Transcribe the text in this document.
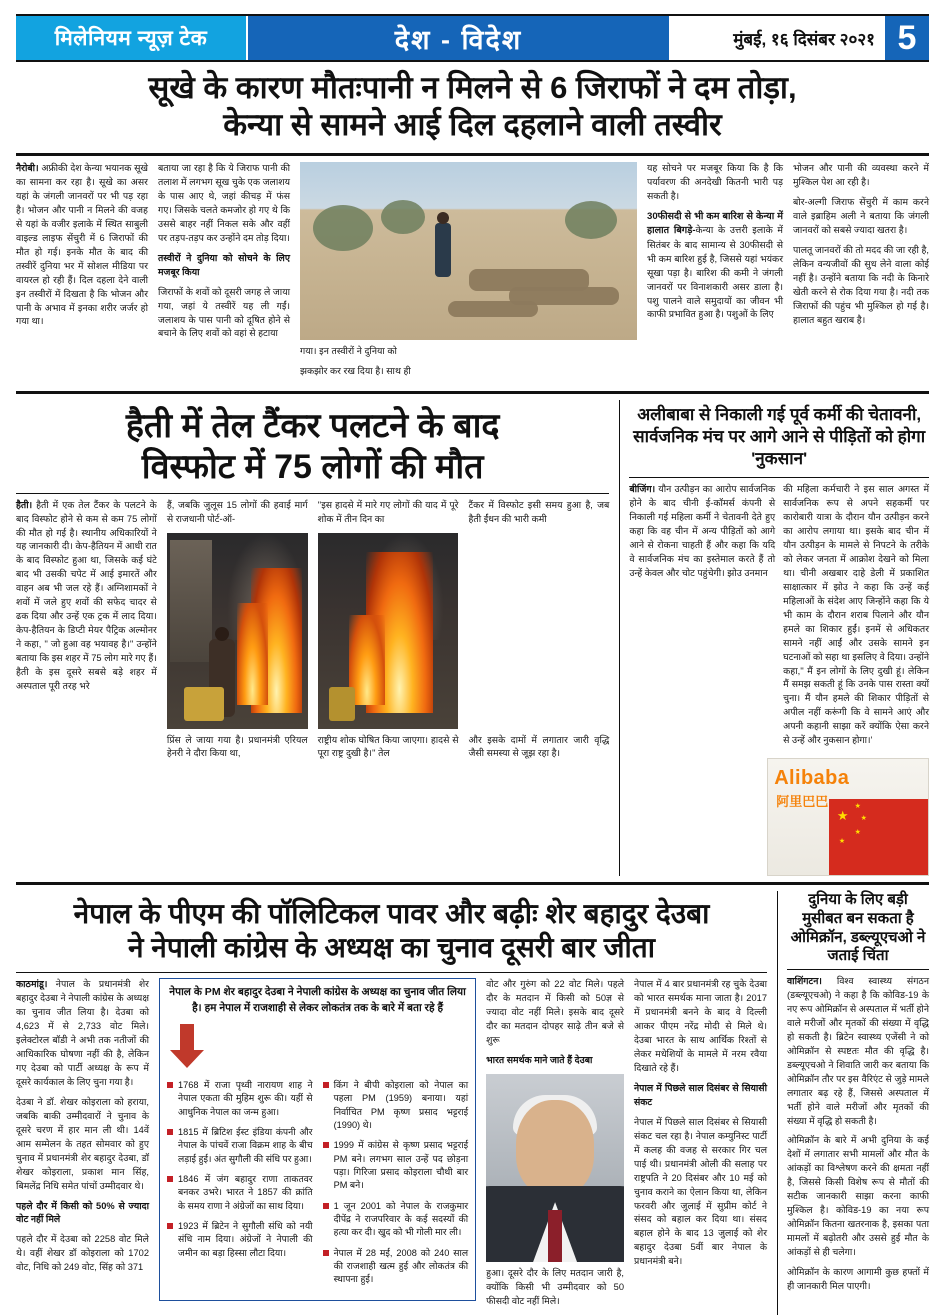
मिलेनियम न्यूज़ टेक	देश - विदेश	मुंबई, १६ दिसंबर २०२१ 5
सूखे के कारण मौतःपानी न मिलने से 6 जिराफों ने दम तोड़ा,
केन्या से सामने आई दिल दहलाने वाली तस्वीर

नैरोबी। अफ्रीकी देश केन्या भयानक सूखे का सामना कर रहा है। सूखे का असर यहां के जंगली जानवरों पर भी पड़ रहा है। भोजन और पानी न मिलने की वजह से यहां के वजीर इलाके में स्थित साबुली वाइल्ड लाइफ सेंचुरी में 6 जिराफों की मौत हो गई। इनके मौत के बाद की तस्वीरें दुनिया भर में सोशल मीडिया पर वायरल हो रही हैं। दिल दहला देने वाली इन तस्वीरों में दिखता है कि भोजन और पानी के अभाव में इनका शरीर जर्जर हो गया था।

बताया जा रहा है कि ये जिराफ पानी की तलाश में लगभग सूख चुके एक जलाशय के पास आए थे, जहां कीचड़ में फंस गए। जिसके चलते कमजोर हो गए थे कि उससे बाहर नहीं निकल सके और वहीं पर तड़प-तड़प कर उन्होंने दम तोड़ दिया।

तस्वीरों ने दुनिया को सोचने के लिए मजबूर किया

जिराफों के शवों को दूसरी जगह ले जाया गया, जहां ये तस्वीरें यह ली गईं। जलाशय के पास पानी को दूषित होने से बचाने के लिए शवों को वहां से हटाया

गया। इन तस्वीरों ने दुनिया को

झकझोर कर रख दिया है। साथ ही

यह सोचने पर मजबूर किया कि है कि पर्यावरण की अनदेखी कितनी भारी पड़ सकती है।

30फीसदी से भी कम बारिश से केन्या में हालात बिगड़े-केन्या के उत्तरी इलाके में सितंबर के बाद सामान्य से 30फीसदी से भी कम बारिश हुई है, जिससे यहां भयंकर सूखा पड़ा है। बारिश की कमी ने जंगली जानवरों पर विनाशकारी असर डाला है। पशु पालने वाले समुदायों का जीवन भी काफी प्रभावित हुआ है। पशुओं के लिए

भोजन और पानी की व्यवस्था करने में मुश्किल पेश आ रही है।

बोर-अल्गी जिराफ सेंचुरी में काम करने वाले इब्राहिम अली ने बताया कि जंगली जानवरों को सबसे ज्यादा खतरा है।

पालतू जानवरों की तो मदद की जा रही है, लेकिन वन्यजीवों की सुध लेने वाला कोई नहीं है। उन्होंने बताया कि नदी के किनारे खेती करने से रोक दिया गया है। नदी तक जिराफों की पहुंच भी मुश्किल हो गई है। हालात बहुत खराब है।

हैती में तेल टैंकर पलटने के बाद
विस्फोट में 75 लोगों की मौत

हैती। हैती में एक तेल टैंकर के पलटने के बाद विस्फोट होने से कम से कम 75 लोगों की मौत हो गई है। स्थानीय अधिकारियों ने यह जानकारी दी। केप-हैतियन में आधी रात के बाद विस्फोट हुआ था, जिसके कई घंटे बाद भी उसकी चपेट में आई इमारतें और वाहन अब भी जल रहे हैं। अग्निशामकों ने शवों में जले हुए शवों की सफेद चादर से ढक दिया और उन्हें एक ट्रक में लाद दिया। केप-हैतियन के डिप्टी मेयर पैट्रिक अल्मोनर ने कहा, '' जो हुआ वह भयावह है।'' उन्होंने बताया कि इस शहर में 75 लोग मारे गए हैं। हैती के इस दूसरे सबसे बड़े शहर में अस्पताल पूरी तरह भरे

हैं, जबकि जुलूस 15 लोगों की हवाई मार्ग से राजधानी पोर्ट-ऑ-

प्रिंस ले जाया गया है। प्रधानमंत्री एरियल हेनरी ने दौरा किया था,

''इस हादसे में मारे गए लोगों की याद में पूरे शोक में तीन दिन का

राष्ट्रीय शोक घोषित किया जाएगा। हादसे से पूरा राष्ट्र दुखी है।'' तेल

टैंकर में विस्फोट इसी समय हुआ है, जब हैती ईंधन की भारी कमी

और इसके दामों में लगातार जारी वृद्धि जैसी समस्या से जूझ रहा है।

अलीबाबा से निकाली गई पूर्व कर्मी की चेतावनी, सार्वजनिक मंच पर आगे आने से पीड़ितों को होगा 'नुकसान'

बीजिंग। यौन उत्पीड़न का आरोप सार्वजनिक होने के बाद चीनी ई-कॉमर्स कंपनी से निकाली गई महिला कर्मी ने चेतावनी देते हुए कहा कि वह चीन में अन्य पीड़ितों को आगे आने से रोकना चाहती हैं और कहा कि यदि वे सार्वजनिक मंच का इस्तेमाल करते हैं तो उन्हें केवल और चोट पहुंचेगी। झोउ उनमान

की महिला कर्मचारी ने इस साल अगस्त में सार्वजनिक रूप से अपने सहकर्मी पर कारोबारी यात्रा के दौरान यौन उत्पीड़न करने का आरोप लगाया था। इसके बाद चीन में यौन उत्पीड़न के मामले से निपटने के तरीके को लेकर जनता में आक्रोश देखने को मिला था। चीनी अखबार दाहे डेली में प्रकाशित साक्षात्कार में झोउ ने कहा कि उन्हें कई महिलाओं के संदेश आए जिन्होंने कहा कि ये भी काम के दौरान शराब पिलाने और यौन हमले का शिकार हुईं। इनमें से अधिकतर सामने नहीं आईं और उसके सामने इन घटनाओं को सहा था इसलिए वे दिया। उन्होंने कहा,'' मैं इन लोगों के लिए दुखी हूं। लेकिन मैं समझ सकती हूं कि उनके पास रास्ता क्यों चुना। मैं यौन हमले की शिकार पीड़ितों से अपील नहीं करूंगी कि वे सामने आएं और अपनी कहानी साझा करें क्योंकि ऐसा करने से उन्हें और नुकसान होगा।'

★
★
★
★
★
Alibaba
阿里巴巴
नेपाल के पीएम की पॉलिटिकल पावर और बढ़ीः शेर बहादुर देउबा
ने नेपाली कांग्रेस के अध्यक्ष का चुनाव दूसरी बार जीता

काठमांडू। नेपाल के प्रधानमंत्री शेर बहादुर देउबा ने नेपाली कांग्रेस के अध्यक्ष का चुनाव जीत लिया है। देउबा को 4,623 में से 2,733 वोट मिले। इलेक्टोरल बॉडी ने अभी तक नतीजों की आधिकारिक घोषणा नहीं की है, लेकिन गए देउबा को पार्टी अध्यक्ष के रूप में दूसरे कार्यकाल के लिए चुना गया है।

देउबा ने डॉ. शेखर कोइराला को हराया, जबकि बाकी उम्मीदवारों ने चुनाव के दूसरे चरण में हार मान ली थी। 14वें आम सम्मेलन के तहत सोमवार को हुए चुनाव में प्रधानमंत्री शेर बहादुर देउबा, डॉ शेखर कोइराला, प्रकाश मान सिंह, बिमलेंद्र निधि समेत पांचों उम्मीदवार थे।

पहले दौर में किसी को 50% से ज्यादा वोट नहीं मिले

पहले दौर में देउबा को 2258 वोट मिले थे। वहीं शेखर डॉ कोइराला को 1702 वोट, निधि को 249 वोट, सिंह को 371

नेपाल के PM शेर बहादुर देउबा ने नेपाली कांग्रेस के अध्यक्ष का चुनाव जीत लिया है। हम नेपाल में राजशाही से लेकर लोकतंत्र तक के बारे में बता रहे हैं

1768 में राजा पृथ्वी नारायण शाह ने नेपाल एकता की मुहिम शुरू की। यहीं से आधुनिक नेपाल का जन्म हुआ।

1815 में ब्रिटिश ईस्ट इंडिया कंपनी और नेपाल के पांचवें राजा विक्रम शाह के बीच लड़ाई हुई। अंत सुगौली की संधि पर हुआ।

1846 में जंग बहादुर राणा ताकतवर बनकर उभरे। भारत ने 1857 की क्रांति के समय राणा ने अंग्रेजों का साथ दिया।

1923 में ब्रिटेन ने सुगौली संधि को नयी संधि नाम दिया। अंग्रेजों ने नेपाली की जमीन का बड़ा हिस्सा लौटा दिया।

किंग ने बीपी कोइराला को नेपाल का पहला PM (1959) बनाया। यहां निर्वाचित PM कृष्ण प्रसाद भट्टराई (1990) थे।

1999 में कांग्रेस से कृष्ण प्रसाद भट्टराई PM बने। लगभग साल उन्हें पद छोड़ना पड़ा। गिरिजा प्रसाद कोइराला चौथी बार PM बने।

1 जून 2001 को नेपाल के राजकुमार दीपेंद्र ने राजपरिवार के कई सदस्यों की हत्या कर दी। खुद को भी गोली मार ली।

नेपाल में 28 मई, 2008 को 240 साल की राजशाही खत्म हुई और लोकतंत्र की स्थापना हुई।

वोट और गुरुंग को 22 वोट मिले। पहले दौर के मतदान में किसी को 50ज्ञ से ज्यादा वोट नहीं मिले। इसके बाद दूसरे दौर का मतदान दोपहर साढ़े तीन बजे से शुरू

भारत समर्थक माने जाते हैं देउबा

हुआ। दूसरे दौर के लिए मतदान जारी है, क्योंकि किसी भी उम्मीदवार को 50 फीसदी वोट नहीं मिले।

नेपाल में 4 बार प्रधानमंत्री रह चुके देउबा को भारत समर्थक माना जाता है। 2017 में प्रधानमंत्री बनने के बाद वे दिल्ली आकर पीएम नरेंद्र मोदी से मिले थे। देउबा भारत के साथ आर्थिक रिश्तों से लेकर मधेशियों के मामले में नरम रवैया दिखाते रहे हैं।

नेपाल में पिछले साल दिसंबर से सियासी संकट

नेपाल में पिछले साल दिसंबर से सियासी संकट चल रहा है। नेपाल कम्युनिस्ट पार्टी में कलह की वजह से सरकार गिर चल पाई थी। प्रधानमंत्री ओली की सलाह पर राष्ट्रपति ने 20 दिसंबर और 10 मई को चुनाव कराने का ऐलान किया था, लेकिन फरवरी और जुलाई में सुप्रीम कोर्ट ने संसद को बहाल कर दिया था। संसद बहाल होने के बाद 13 जुलाई को शेर बहादुर देउबा 5वीं बार नेपाल के प्रधानमंत्री बने।

दुनिया के लिए बड़ी मुसीबत बन सकता है ओमिक्रॉन, डब्ल्यूएचओ ने जताई चिंता

वाशिंगटन। विश्व स्वास्थ्य संगठन (डब्ल्यूएचओ) ने कहा है कि कोविड-19 के नए रूप ओमिक्रॉन से अस्पताल में भर्ती होने वाले मरीजों और मृतकों की संख्या में वृद्धि हो सकती है। ब्रिटेन स्वास्थ्य एजेंसी ने को ओमिक्रॉन से स्पष्टतः मौत की वृद्धि है। डब्ल्यूएचओ ने शिवाति जारी कर बताया कि ओमिक्रॉन तौर पर इस वैरिएंट से जुड़े मामले लगातार बढ़ रहे हैं, जिससे अस्पताल में भर्ती होने वाले मरीजों और मृतकों की संख्या में वृद्धि हो सकती है।

ओमिक्रॉन के बारे में अभी दुनिया के कई देशों में लगातार सभी मामलों और मौत के आंकड़ों का विश्लेषण करने की क्षमता नहीं है, जिससे किसी विशेष रूप से मौतों की सटीक जानकारी साझा करना काफी मुश्किल है। कोविड-19 का नया रूप ओमिक्रॉन कितना खतरनाक है, इसका पता मामलों में बढ़ोतरी और उससे हुई मौत के आंकड़ों से ही चलेगा।

ओमिक्रॉन के कारण आगामी कुछ हफ्तों में ही जानकारी मिल पाएगी।
